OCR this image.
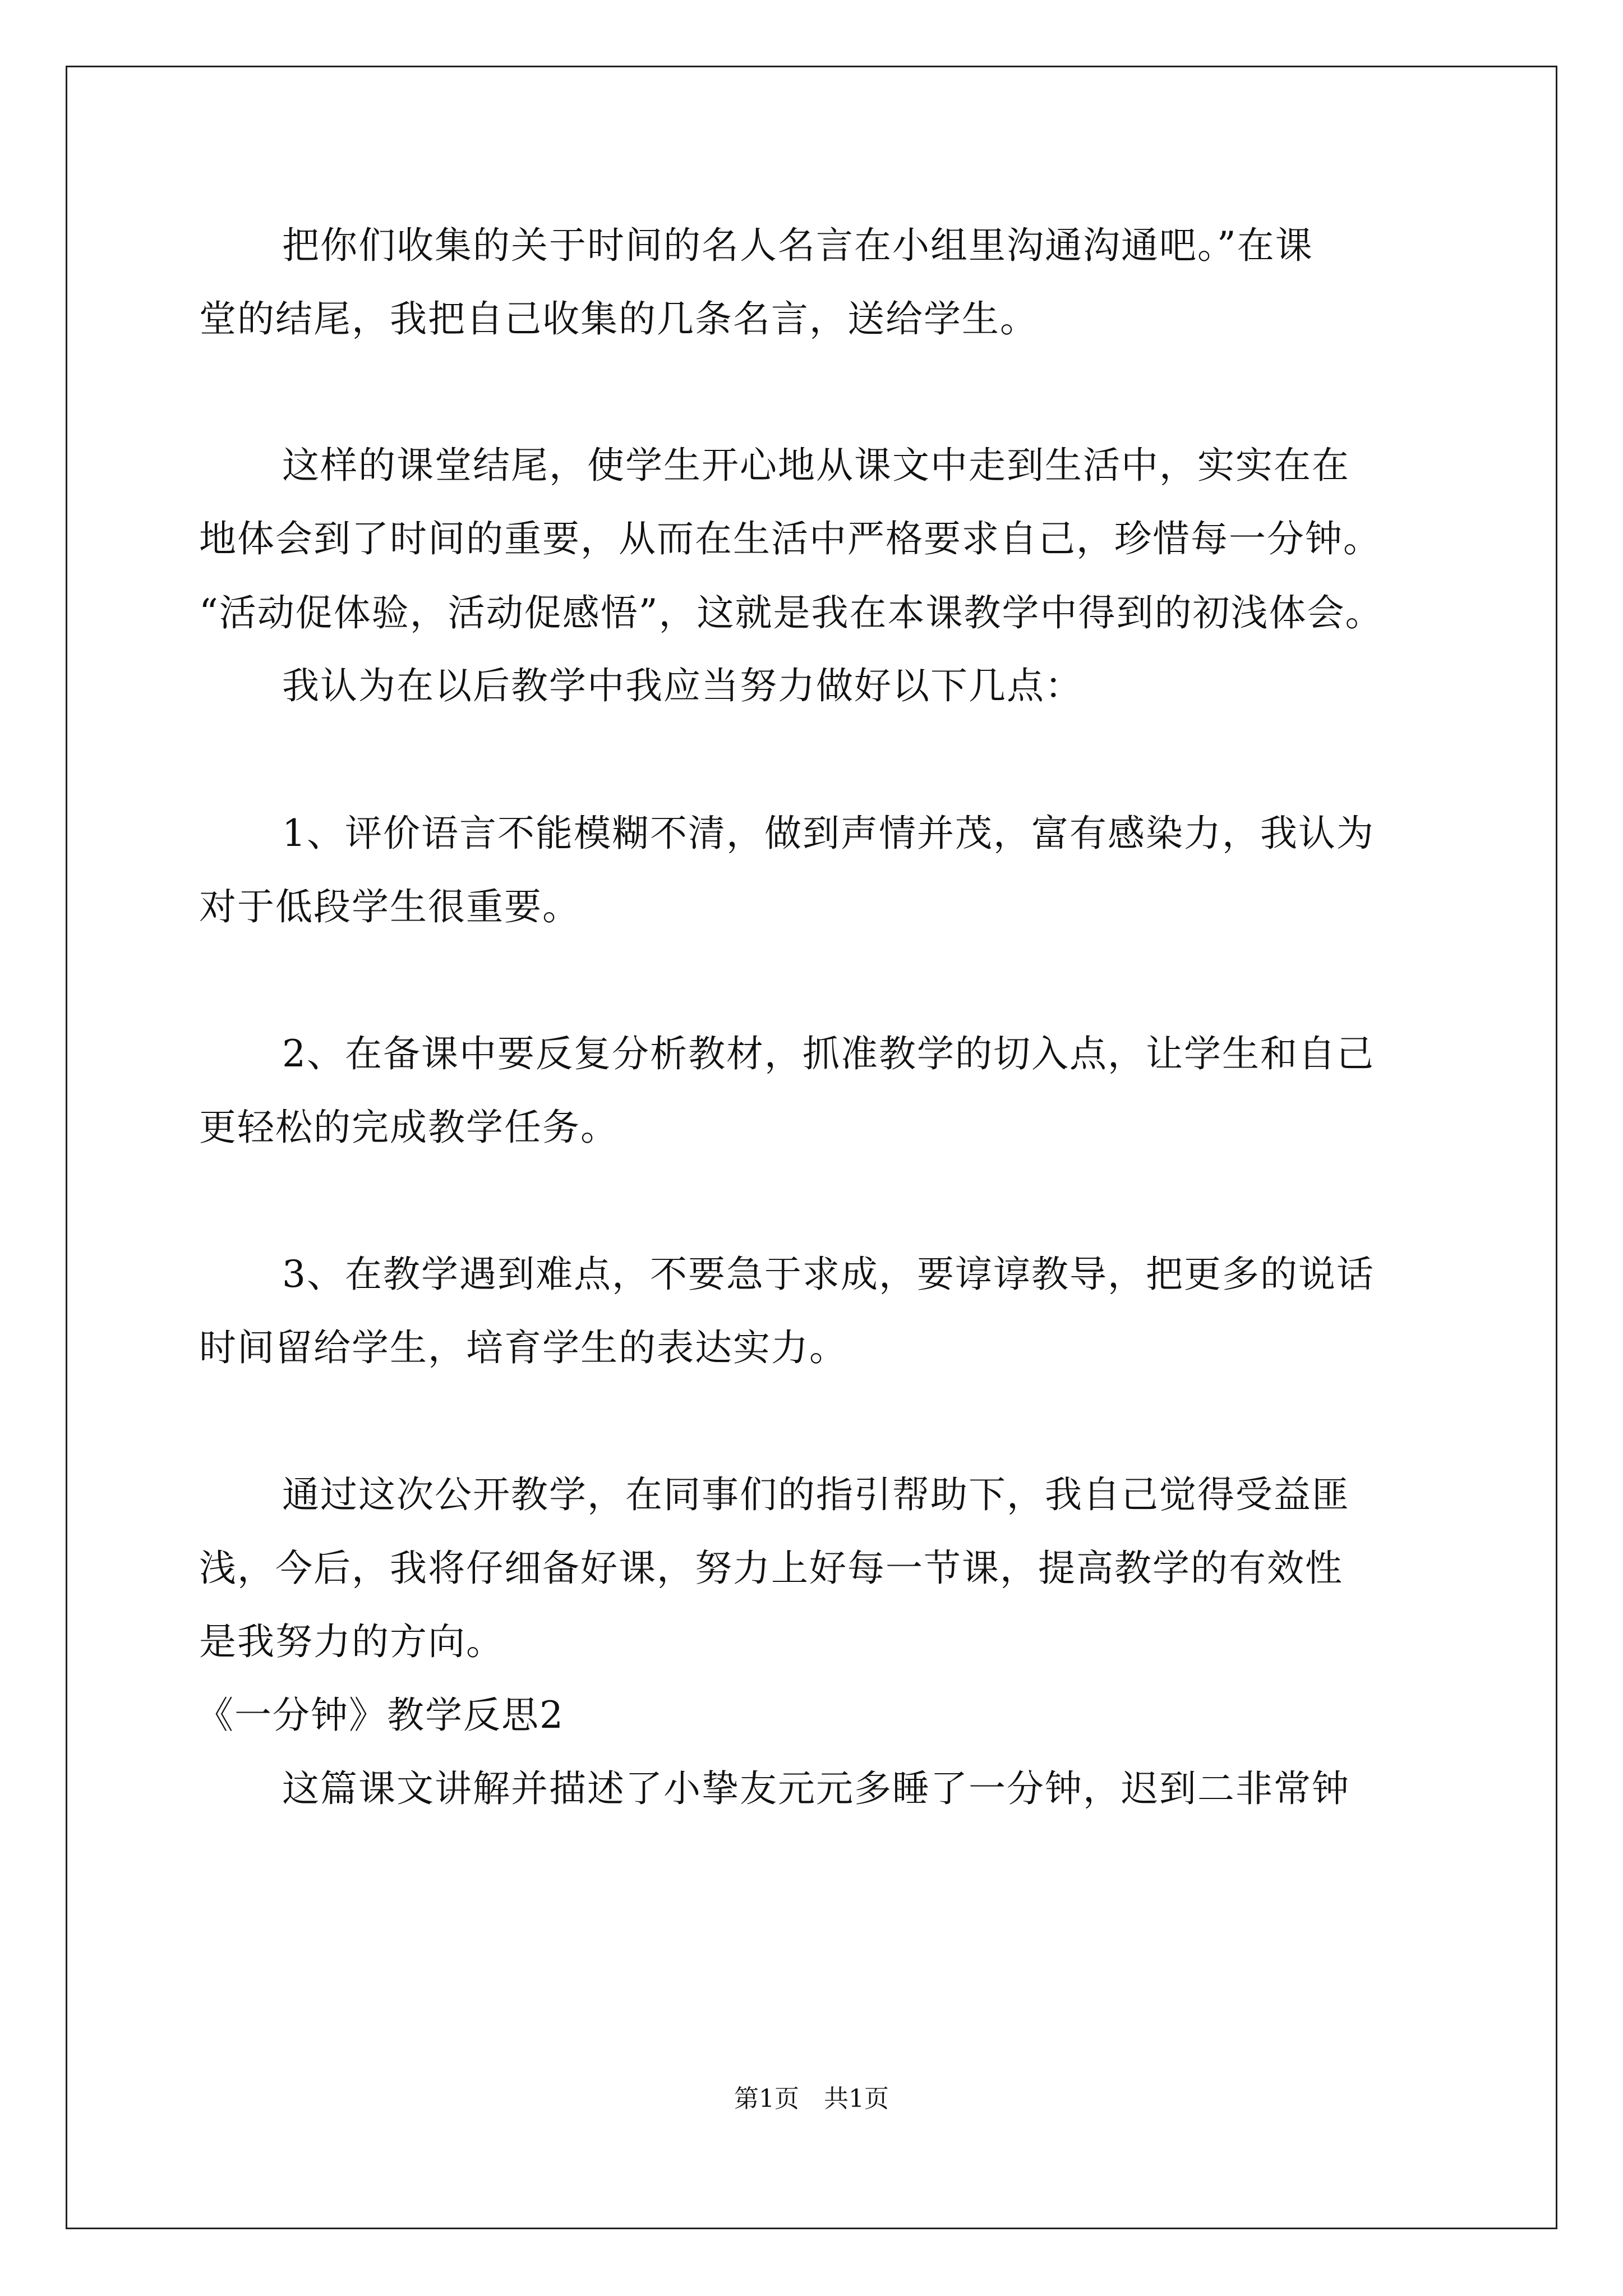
把你们收集的关于时间的名人名言在小组里沟通沟通吧。”在课
堂的结尾，我把自己收集的几条名言，送给学生。
这样的课堂结尾，使学生开心地从课文中走到生活中，实实在在
地体会到了时间的重要，从而在生活中严格要求自己，珍惜每一分钟。
“活动促体验，活动促感悟”，这就是我在本课教学中得到的初浅体会。
我认为在以后教学中我应当努力做好以下几点：
1、评价语言不能模糊不清，做到声情并茂，富有感染力，我认为
对于低段学生很重要。
2、在备课中要反复分析教材，抓准教学的切入点，让学生和自己
更轻松的完成教学任务。
3、在教学遇到难点，不要急于求成，要谆谆教导，把更多的说话
时间留给学生，培育学生的表达实力。
通过这次公开教学，在同事们的指引帮助下，我自己觉得受益匪
浅，今后，我将仔细备好课，努力上好每一节课，提高教学的有效性
是我努力的方向。
《一分钟》教学反思2
这篇课文讲解并描述了小挚友元元多睡了一分钟，迟到二非常钟
第1页　共1页
